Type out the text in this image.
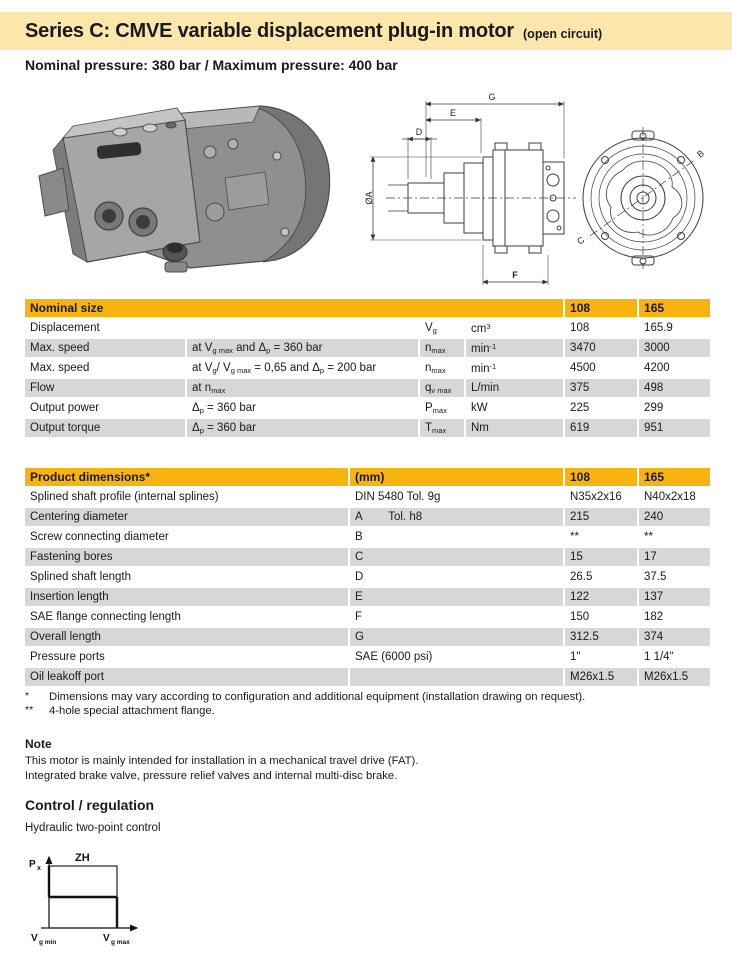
Series C: CMVE variable displacement plug-in motor (open circuit)
Nominal pressure: 380 bar / Maximum pressure: 400 bar
G
E
D
ØA
F
B
C
Nominal size				108	165
Displacement		$V_g$	$cm^3$	108	165.9
Max. speed	at $V_{g max}$ and $\Delta_p = 360$ bar	$n_{max}$	$\min^{-1}$	3470	3000
Max. speed	at $V_g/$ $V_{g max} = 0,65$ and $\Delta_p = 200$ bar	$n_{max}$	$\min^{-1}$	4500	4200
Flow	at $n_{max}$	$q_{v max}$	L/min	375	498
Output power	$\Delta_p = 360$ bar	$P_{max}$	kW	225	299
Output torque	$\Delta_p = 360$ bar	$T_{max}$	Nm	619	951
Product dimensions*	(mm)	108	165
Splined shaft profile (internal splines)	DIN 5480 Tol. 9g	N35x2x16	N40x2x18
Centering diameter	A        Tol. h8	215	240
Screw connecting diameter	B	**	**
Fastening bores	C	15	17
Splined shaft length	D	26.5	37.5
Insertion length	E	122	137
SAE flange connecting length	F	150	182
Overall length	G	312.5	374
Pressure ports	SAE (6000 psi)	1"	1 1/4"
Oil leakoff port		M26x1.5	M26x1.5
*	Dimensions may vary according to configuration and additional equipment (installation drawing on request).
**	4-hole special attachment flange.
Note
This motor is mainly intended for installation in a mechanical travel drive (FAT).
Integrated brake valve, pressure relief valves and internal multi-disc brake.
Control / regulation
Hydraulic two-point control
ZH
P x
V g min	V g max
